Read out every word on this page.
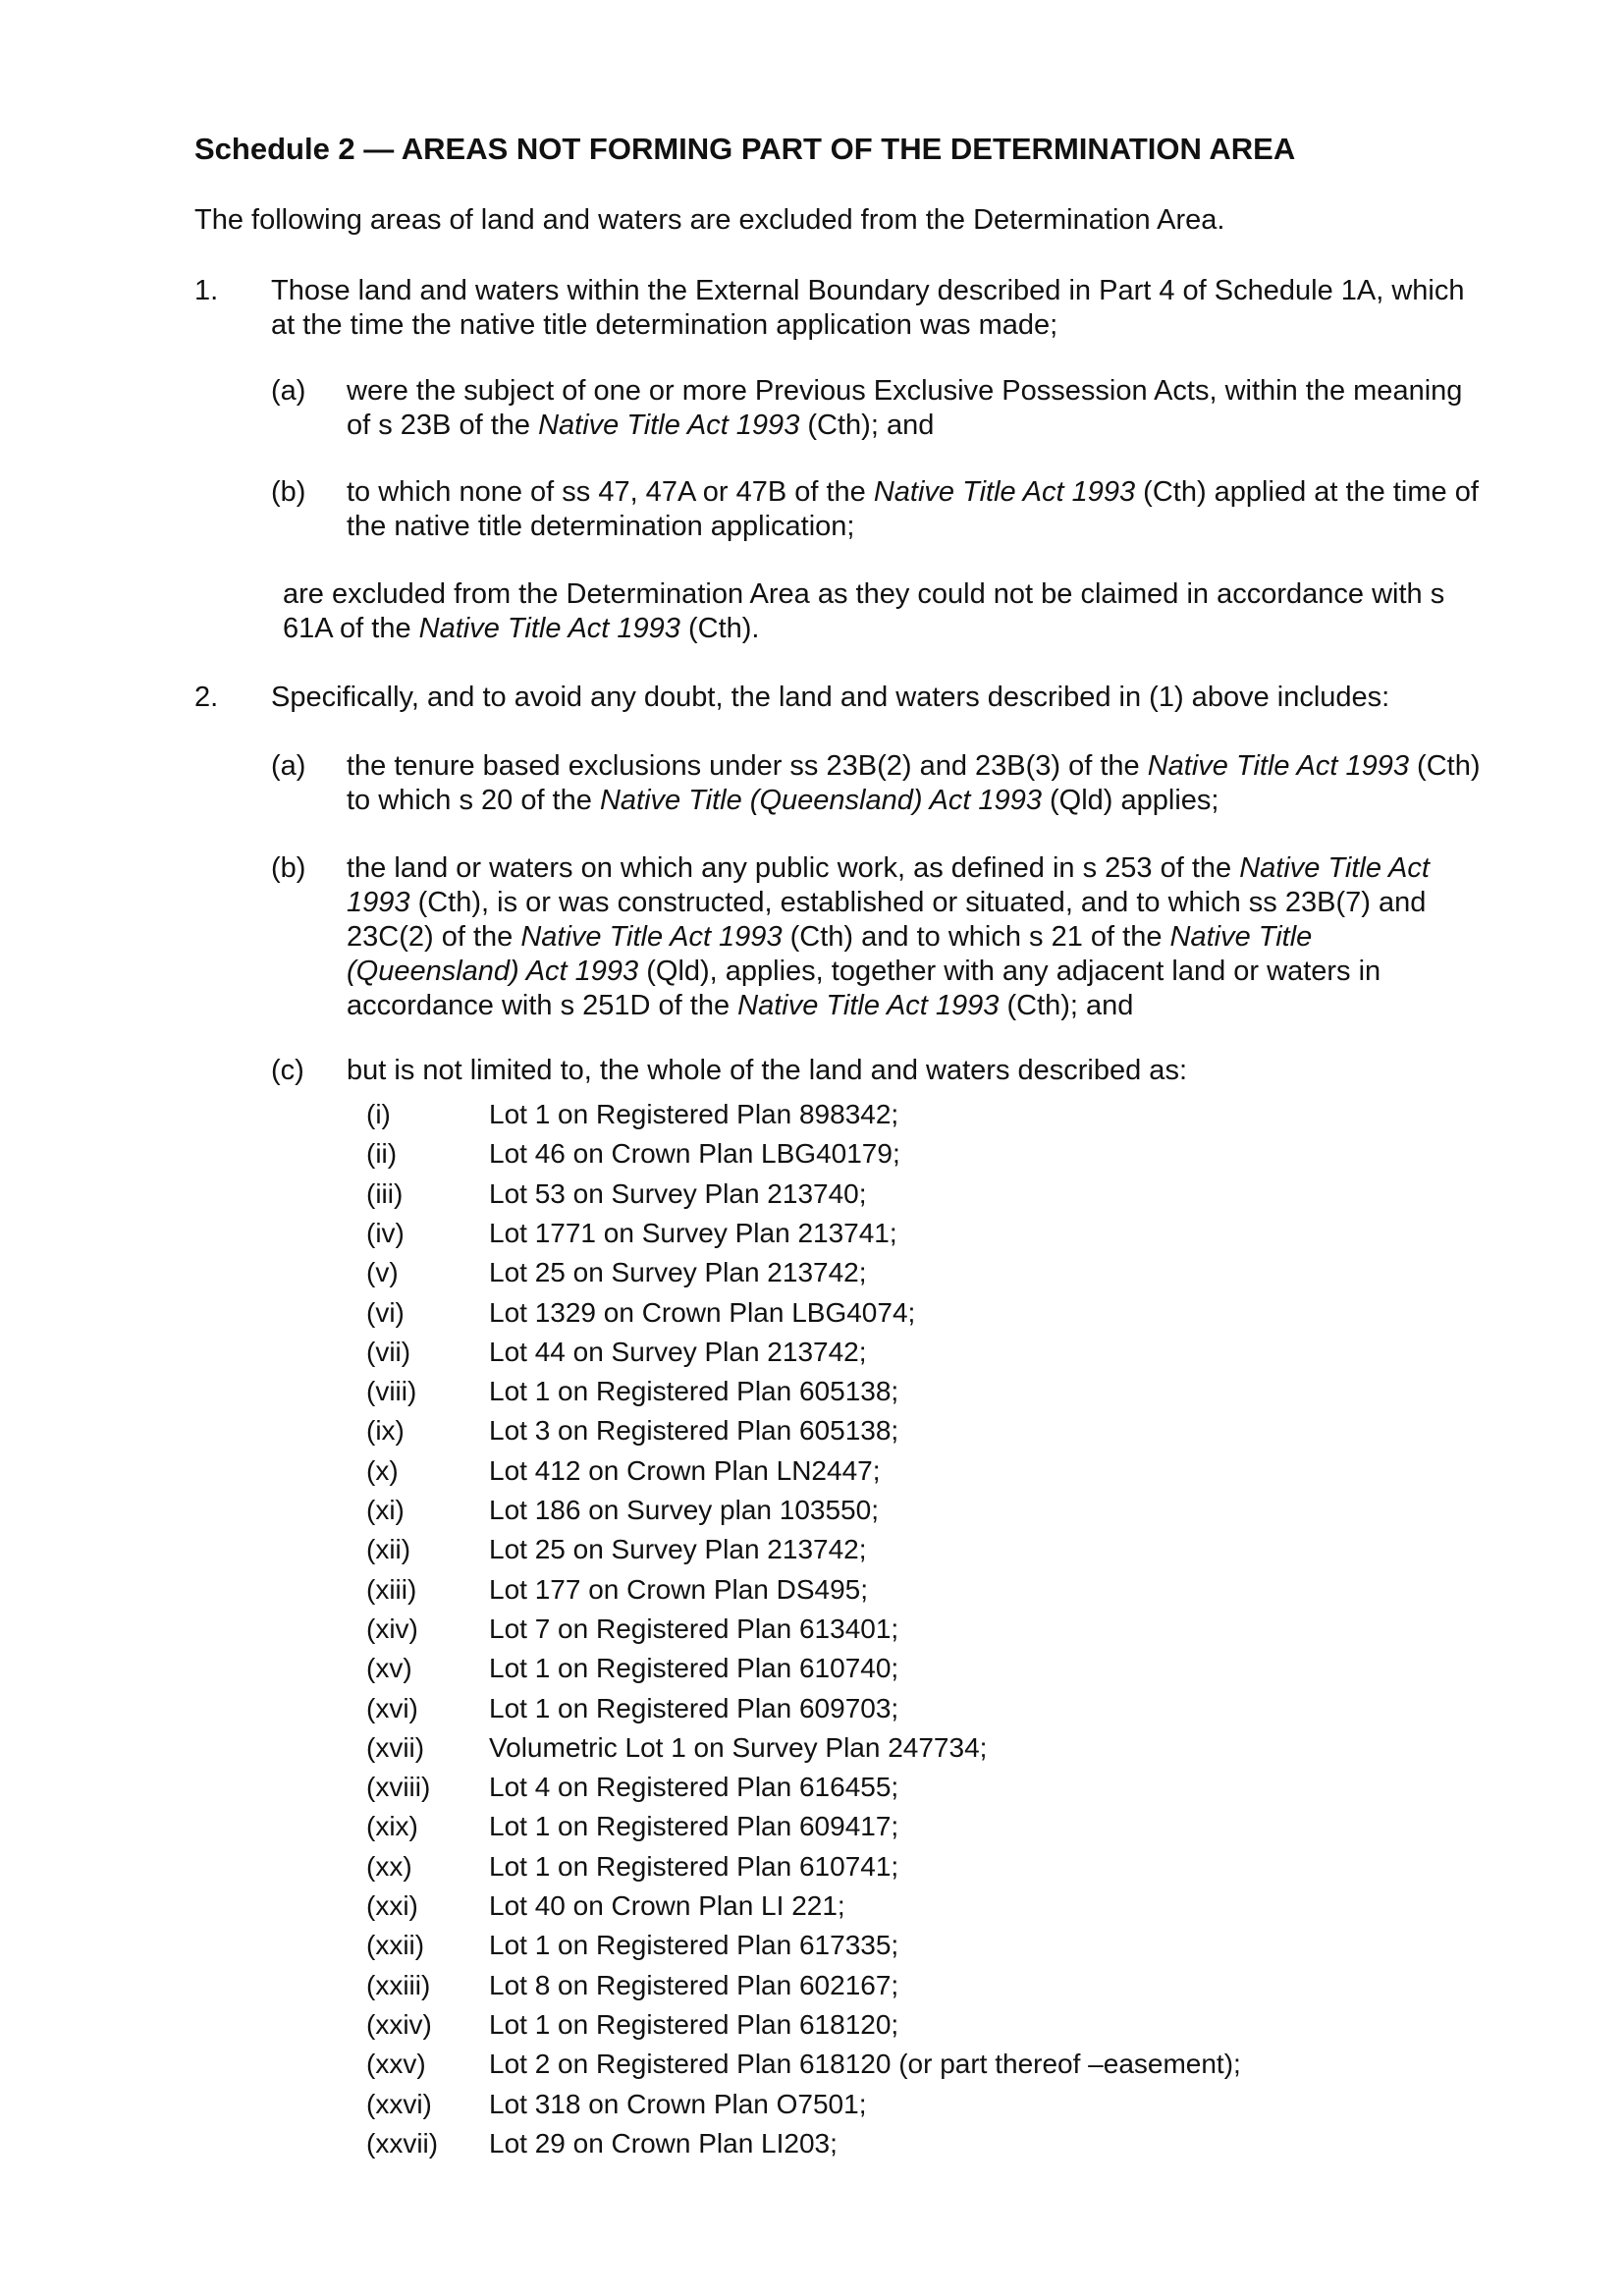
Schedule 2 — AREAS NOT FORMING PART OF THE DETERMINATION AREA
The following areas of land and waters are excluded from the Determination Area.
1. Those land and waters within the External Boundary described in Part 4 of Schedule 1A, which at the time the native title determination application was made;
(a) were the subject of one or more Previous Exclusive Possession Acts, within the meaning of s 23B of the Native Title Act 1993 (Cth); and
(b) to which none of ss 47, 47A or 47B of the Native Title Act 1993 (Cth) applied at the time of the native title determination application;
are excluded from the Determination Area as they could not be claimed in accordance with s 61A of the Native Title Act 1993 (Cth).
2. Specifically, and to avoid any doubt, the land and waters described in (1) above includes:
(a) the tenure based exclusions under ss 23B(2) and 23B(3) of the Native Title Act 1993 (Cth) to which s 20 of the Native Title (Queensland) Act 1993 (Qld) applies;
(b) the land or waters on which any public work, as defined in s 253 of the Native Title Act 1993 (Cth), is or was constructed, established or situated, and to which ss 23B(7) and 23C(2) of the Native Title Act 1993 (Cth) and to which s 21 of the Native Title (Queensland) Act 1993 (Qld), applies, together with any adjacent land or waters in accordance with s 251D of the Native Title Act 1993 (Cth); and
(c) but is not limited to, the whole of the land and waters described as:
(i)	Lot 1 on Registered Plan 898342;
(ii)	Lot 46 on Crown Plan LBG40179;
(iii)	Lot 53 on Survey Plan 213740;
(iv)	Lot 1771 on Survey Plan 213741;
(v)	Lot 25 on Survey Plan 213742;
(vi)	Lot 1329 on Crown Plan LBG4074;
(vii)	Lot 44 on Survey Plan 213742;
(viii)	Lot 1 on Registered Plan 605138;
(ix)	Lot 3 on Registered Plan 605138;
(x)	Lot 412 on Crown Plan LN2447;
(xi)	Lot 186 on Survey plan 103550;
(xii)	Lot 25 on Survey Plan 213742;
(xiii)	Lot 177 on Crown Plan DS495;
(xiv)	Lot 7 on Registered Plan 613401;
(xv)	Lot 1 on Registered Plan 610740;
(xvi)	Lot 1 on Registered Plan 609703;
(xvii) Volumetric Lot 1 on Survey Plan 247734;
(xviii) Lot 4 on Registered Plan 616455;
(xix)	Lot 1 on Registered Plan 609417;
(xx)	Lot 1 on Registered Plan 610741;
(xxi)	Lot 40 on Crown Plan LI 221;
(xxii) Lot 1 on Registered Plan 617335;
(xxiii) Lot 8 on Registered Plan 602167;
(xxiv) Lot 1 on Registered Plan 618120;
(xxv) Lot 2 on Registered Plan 618120 (or part thereof –easement);
(xxvi) Lot 318 on Crown Plan O7501;
(xxvii) Lot 29 on Crown Plan LI203;
